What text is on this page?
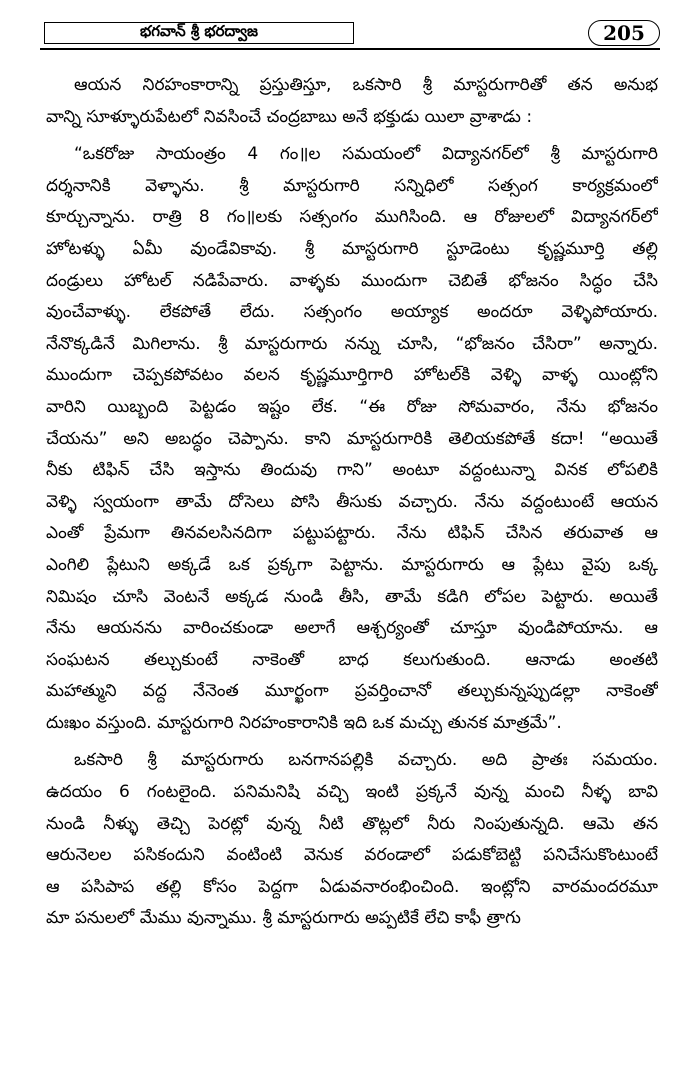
భగవాన్ శ్రీ భరద్వాజ	205
ఆయన నిరహంకారాన్ని ప్రస్తుతిస్తూ, ఒకసారి శ్రీ మాస్టరుగారితో తన అనుభ
వాన్ని సూళ్ళూరుపేటలో నివసించే చంద్రబాబు అనే భక్తుడు యిలా వ్రాశాడు :
“ఒకరోజు సాయంత్రం 4 గం॥ల సమయంలో విద్యానగర్‌లో శ్రీ మాస్టరుగారి
దర్శనానికి వెళ్ళాను. శ్రీ మాస్టరుగారి సన్నిధిలో సత్సంగ కార్యక్రమంలో
కూర్చున్నాను. రాత్రి 8 గం॥లకు సత్సంగం ముగిసింది. ఆ రోజులలో విద్యానగర్‌లో
హోటళ్ళు ఏమీ వుండేవికావు. శ్రీ మాస్టరుగారి స్టూడెంటు కృష్ణమూర్తి తల్లి
దండ్రులు హోటల్ నడిపేవారు. వాళ్ళకు ముందుగా చెబితే భోజనం సిద్ధం చేసి
వుంచేవాళ్ళు. లేకపోతే లేదు. సత్సంగం అయ్యాక అందరూ వెళ్ళిపోయారు.
నేనొక్కడినే మిగిలాను. శ్రీ మాస్టరుగారు నన్ను చూసి, “భోజనం చేసిరా” అన్నారు.
ముందుగా చెప్పకపోవటం వలన కృష్ణమూర్తిగారి హోటల్‌కి వెళ్ళి వాళ్ళ యింట్లోని
వారిని యిబ్బంది పెట్టడం ఇష్టం లేక. “ఈ రోజు సోమవారం, నేను భోజనం
చేయను” అని అబద్ధం చెప్పాను. కాని మాస్టరుగారికి తెలియకపోతే కదా! “అయితే
నీకు టిఫిన్ చేసి ఇస్తాను తిందువు గాని” అంటూ వద్దంటున్నా వినక లోపలికి
వెళ్ళి స్వయంగా తామే దోసెలు పోసి తీసుకు వచ్చారు. నేను వద్దంటుంటే ఆయన
ఎంతో ప్రేమగా తినవలసినదిగా పట్టుపట్టారు. నేను టిఫిన్ చేసిన తరువాత ఆ
ఎంగిలి ప్లేటుని అక్కడే ఒక ప్రక్కగా పెట్టాను. మాస్టరుగారు ఆ ప్లేటు వైపు ఒక్క
నిమిషం చూసి వెంటనే అక్కడ నుండి తీసి, తామే కడిగి లోపల పెట్టారు. అయితే
నేను ఆయనను వారించకుండా అలాగే ఆశ్చర్యంతో చూస్తూ వుండిపోయాను. ఆ
సంఘటన తల్చుకుంటే నాకెంతో బాధ కలుగుతుంది. ఆనాడు అంతటి
మహాత్ముని వద్ద నేనెంత మూర్ఖంగా ప్రవర్తించానో తల్చుకున్నప్పుడల్లా నాకెంతో
దుఃఖం వస్తుంది. మాస్టరుగారి నిరహంకారానికి ఇది ఒక మచ్చు తునక మాత్రమే”.
ఒకసారి శ్రీ మాస్టరుగారు బనగానపల్లికి వచ్చారు. అది ప్రాతః సమయం.
ఉదయం 6 గంటలైంది. పనిమనిషి వచ్చి ఇంటి ప్రక్కనే వున్న మంచి నీళ్ళ బావి
నుండి నీళ్ళు తెచ్చి పెరట్లో వున్న నీటి తొట్లలో నీరు నింపుతున్నది. ఆమె తన
ఆరునెలల పసికందుని వంటింటి వెనుక వరండాలో పడుకోబెట్టి పనిచేసుకొంటుంటే
ఆ పసిపాప తల్లి కోసం పెద్దగా ఏడువనారంభించింది. ఇంట్లోని వారమందరమూ
మా పనులలో మేము వున్నాము. శ్రీ మాస్టరుగారు అప్పటికే లేచి కాఫీ త్రాగు
